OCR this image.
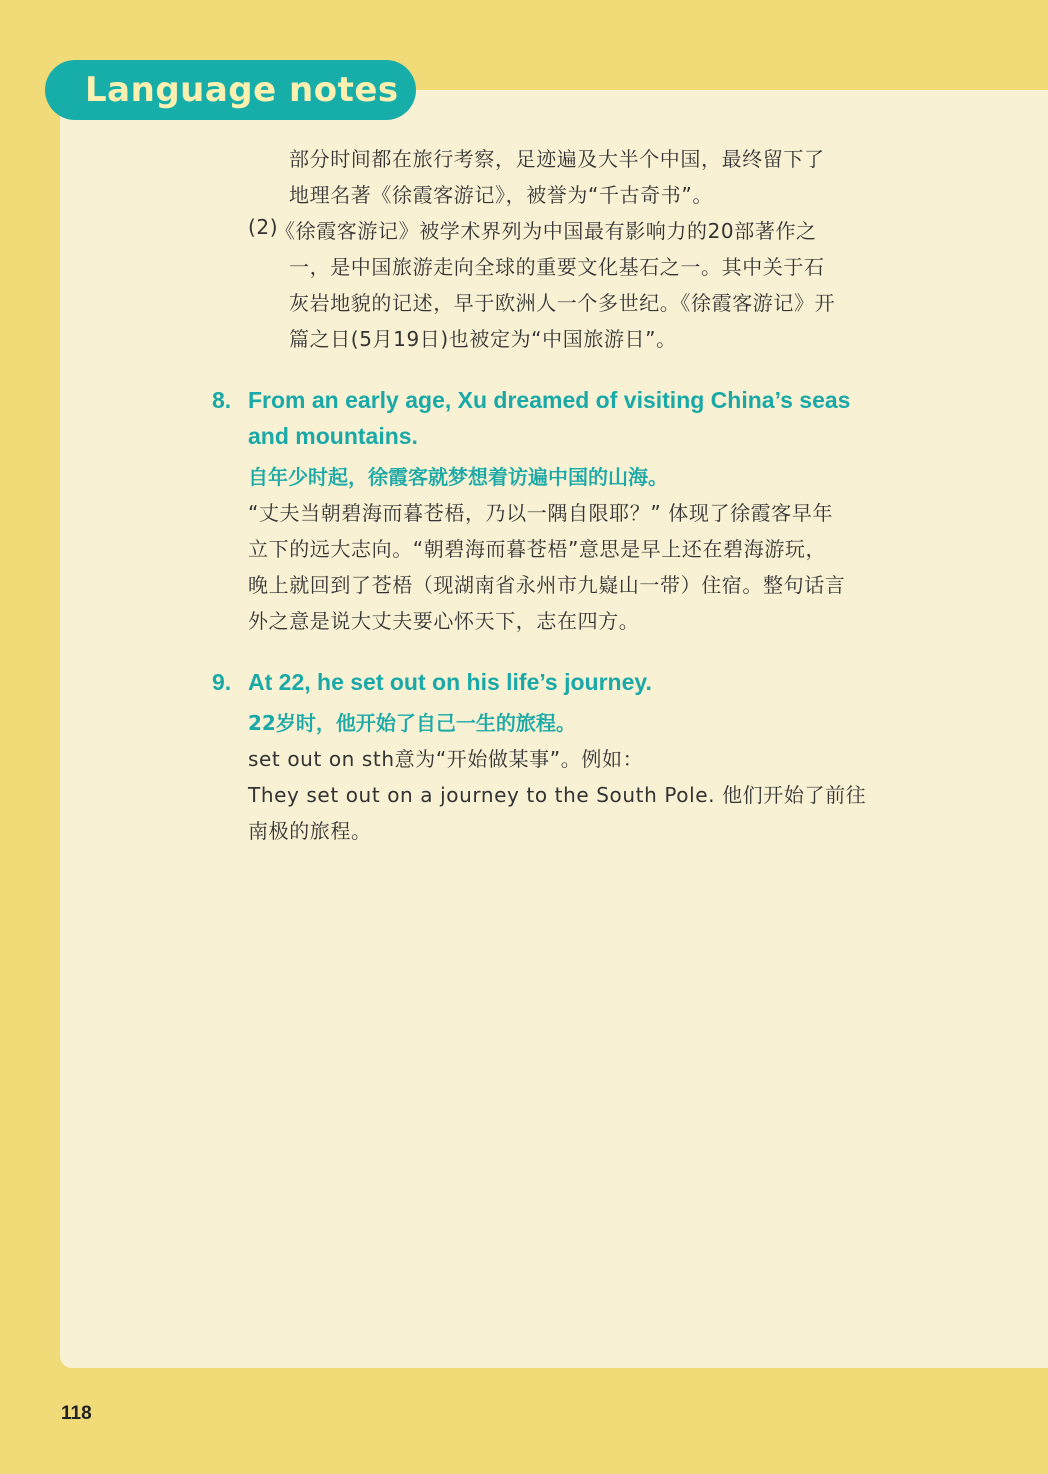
Language notes
部分时间都在旅行考察，足迹遍及大半个中国，最终留下了
地理名著《徐霞客游记》，被誉为“千古奇书”。
(2)
《徐霞客游记》被学术界列为中国最有影响力的20部著作之
一，是中国旅游走向全球的重要文化基石之一。其中关于石
灰岩地貌的记述，早于欧洲人一个多世纪。《徐霞客游记》开
篇之日(5月19日)也被定为“中国旅游日”。
8. From an early age, Xu dreamed of visiting China’s seas
and mountains.
自年少时起，徐霞客就梦想着访遍中国的山海。
“丈夫当朝碧海而暮苍梧，乃以一隅自限耶？” 体现了徐霞客早年
立下的远大志向。“朝碧海而暮苍梧”意思是早上还在碧海游玩，
晚上就回到了苍梧（现湖南省永州市九嶷山一带）住宿。整句话言
外之意是说大丈夫要心怀天下，志在四方。
9. At 22, he set out on his life’s journey.
22岁时，他开始了自己一生的旅程。
set out on sth意为“开始做某事”。例如：
They set out on a journey to the South Pole. 他们开始了前往
南极的旅程。
118
